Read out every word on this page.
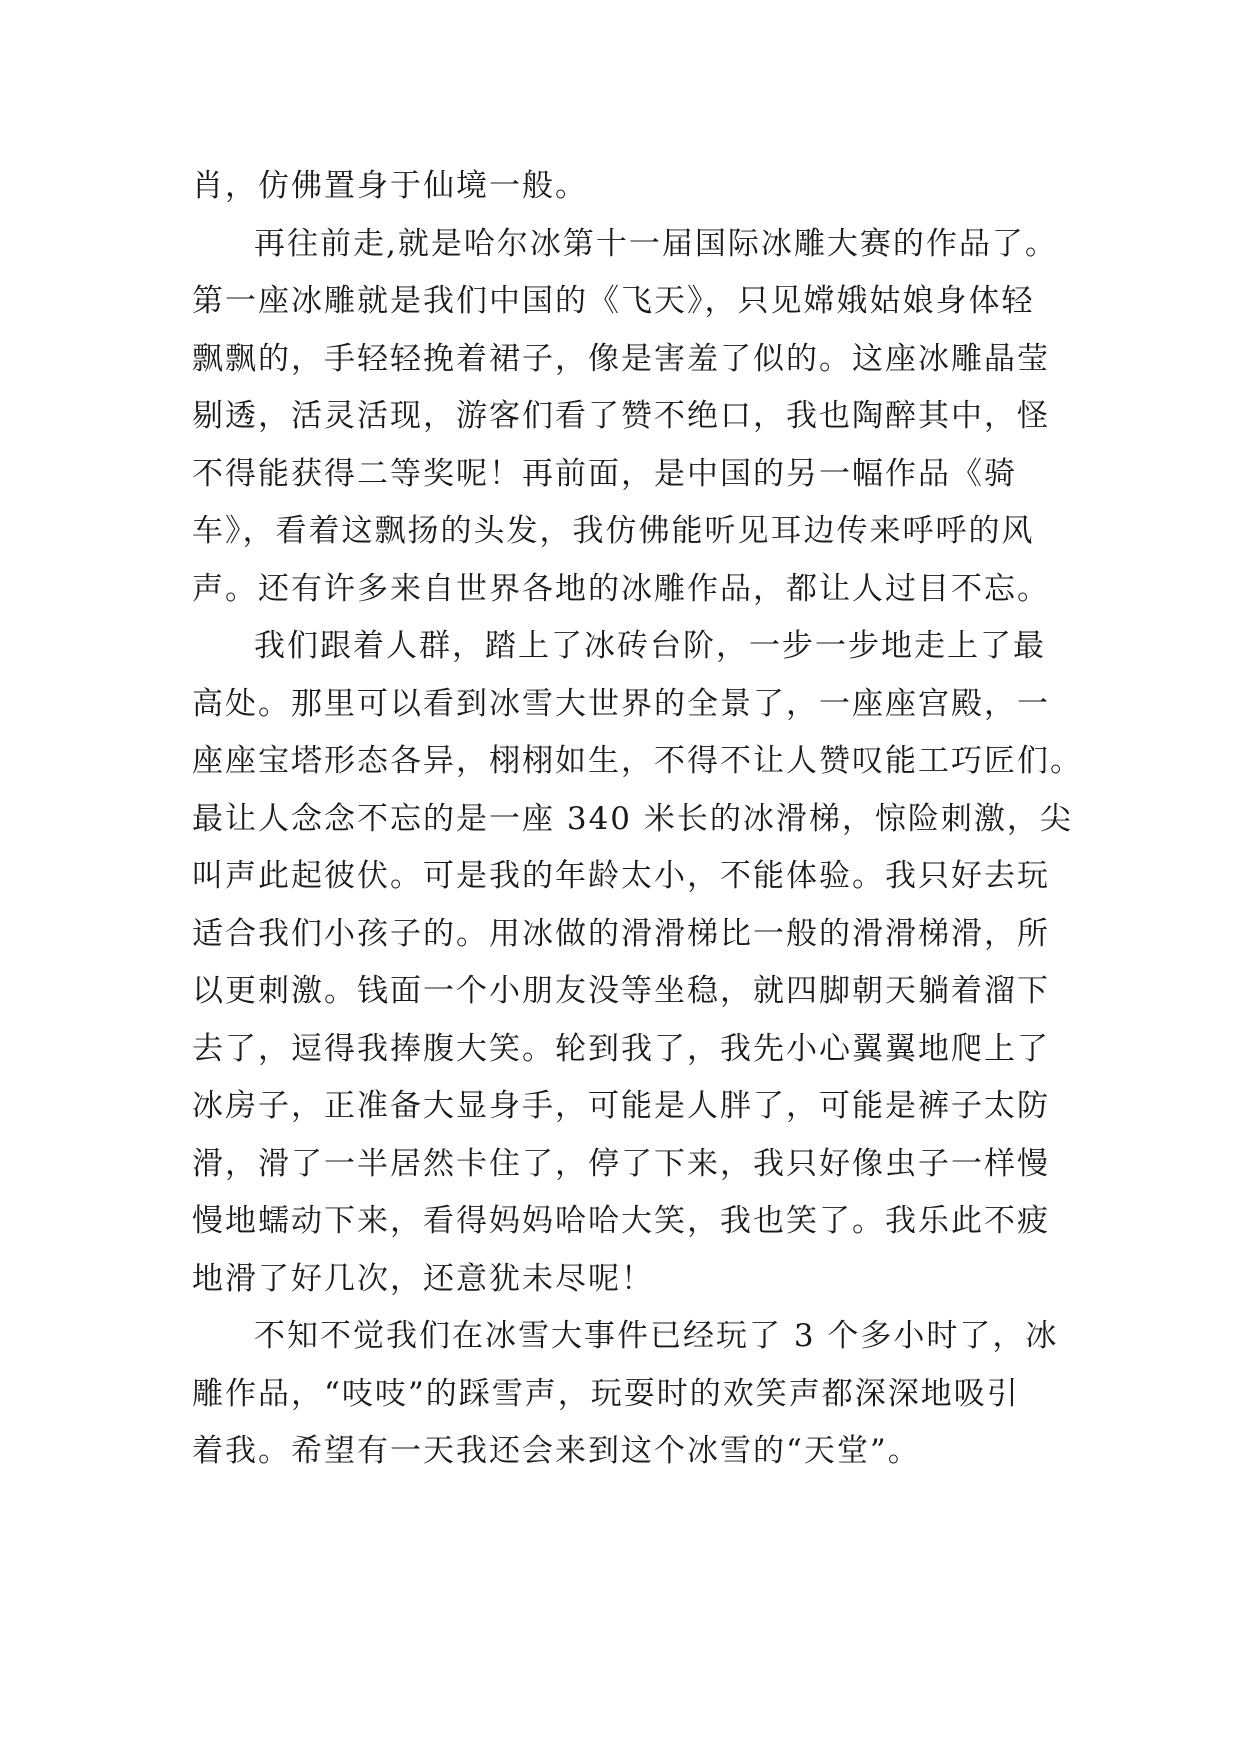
肖，仿佛置身于仙境一般。
再往前走,就是哈尔冰第十一届国际冰雕大赛的作品了。
第一座冰雕就是我们中国的《飞天》，只见嫦娥姑娘身体轻
飘飘的，手轻轻挽着裙子，像是害羞了似的。这座冰雕晶莹
剔透，活灵活现，游客们看了赞不绝口，我也陶醉其中，怪
不得能获得二等奖呢！再前面，是中国的另一幅作品《骑
车》，看着这飘扬的头发，我仿佛能听见耳边传来呼呼的风
声。还有许多来自世界各地的冰雕作品，都让人过目不忘。
我们跟着人群，踏上了冰砖台阶，一步一步地走上了最
高处。那里可以看到冰雪大世界的全景了，一座座宫殿，一
座座宝塔形态各异，栩栩如生，不得不让人赞叹能工巧匠们。
最让人念念不忘的是一座 340 米长的冰滑梯，惊险刺激，尖
叫声此起彼伏。可是我的年龄太小，不能体验。我只好去玩
适合我们小孩子的。用冰做的滑滑梯比一般的滑滑梯滑，所
以更刺激。钱面一个小朋友没等坐稳，就四脚朝天躺着溜下
去了，逗得我捧腹大笑。轮到我了，我先小心翼翼地爬上了
冰房子，正准备大显身手，可能是人胖了，可能是裤子太防
滑，滑了一半居然卡住了，停了下来，我只好像虫子一样慢
慢地蠕动下来，看得妈妈哈哈大笑，我也笑了。我乐此不疲
地滑了好几次，还意犹未尽呢！
不知不觉我们在冰雪大事件已经玩了 3 个多小时了，冰
雕作品，“吱吱”的踩雪声，玩耍时的欢笑声都深深地吸引
着我。希望有一天我还会来到这个冰雪的“天堂”。
